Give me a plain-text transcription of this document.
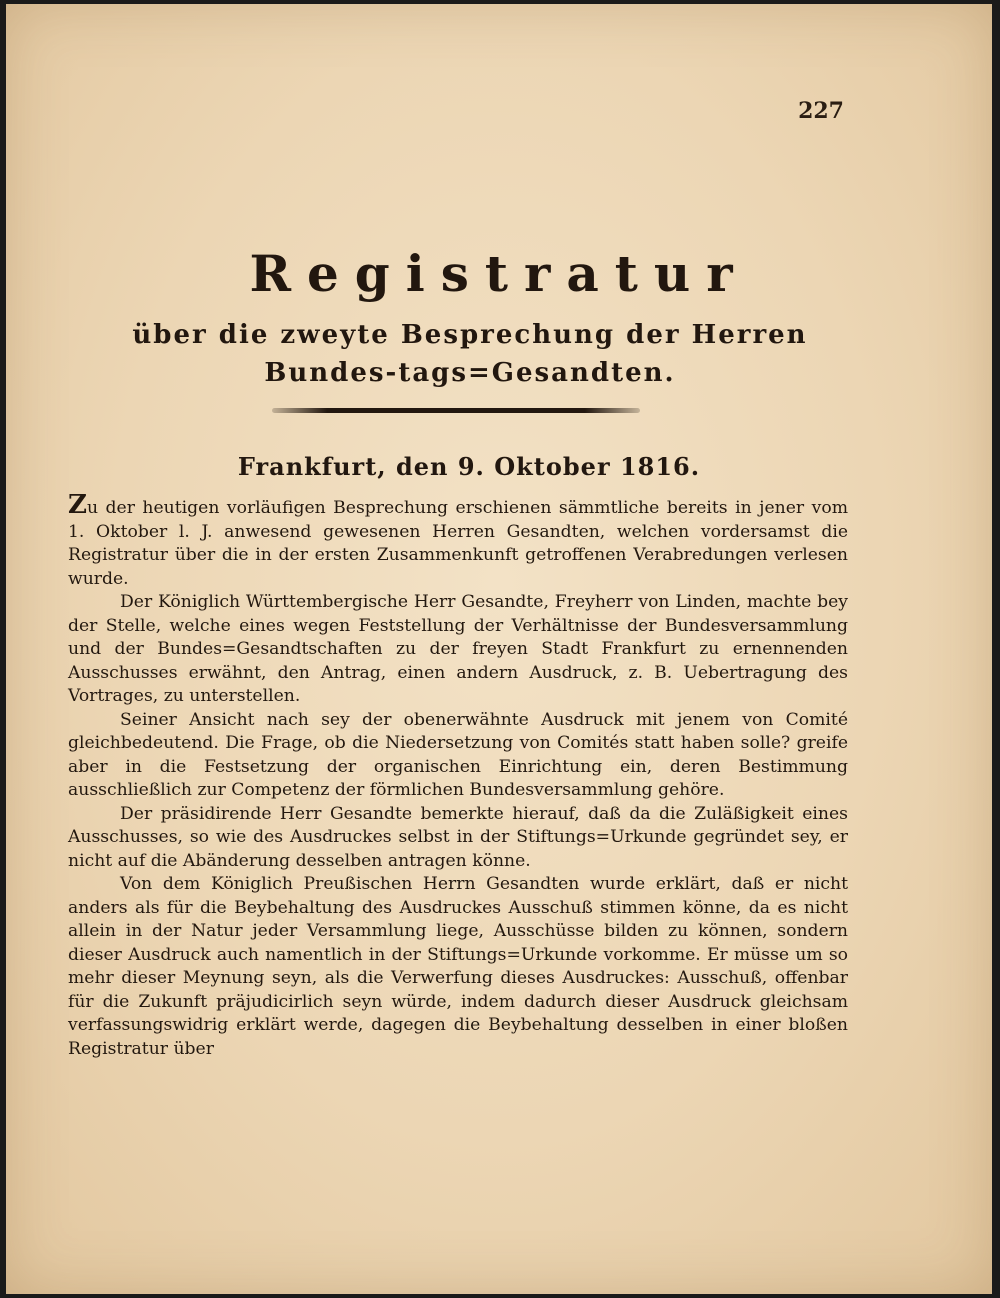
227
Registratur
über die zweyte Besprechung der Herren Bundes-tags=Gesandten.
Frankfurt, den 9. Oktober 1816.

Zu der heutigen vorläufigen Besprechung erschienen sämmtliche bereits in jener vom 1. Oktober l. J. anwesend gewesenen Herren Gesandten, welchen vordersamst die Registratur über die in der ersten Zusammenkunft getroffenen Verabredungen verlesen wurde.

Der Königlich Württembergische Herr Gesandte, Freyherr von Linden, machte bey der Stelle, welche eines wegen Feststellung der Verhältnisse der Bundesversammlung und der Bundes=Gesandtschaften zu der freyen Stadt Frankfurt zu ernennenden Ausschusses erwähnt, den Antrag, einen andern Ausdruck, z. B. Uebertragung des Vortrages, zu unterstellen.

Seiner Ansicht nach sey der obenerwähnte Ausdruck mit jenem von Comité gleichbedeutend. Die Frage, ob die Niedersetzung von Comités statt haben solle? greife aber in die Festsetzung der organischen Einrichtung ein, deren Bestimmung ausschließlich zur Competenz der förmlichen Bundesversammlung gehöre.

Der präsidirende Herr Gesandte bemerkte hierauf, daß da die Zuläßigkeit eines Ausschusses, so wie des Ausdruckes selbst in der Stiftungs=Urkunde gegründet sey, er nicht auf die Abänderung desselben antragen könne.

Von dem Königlich Preußischen Herrn Gesandten wurde erklärt, daß er nicht anders als für die Beybehaltung des Ausdruckes Ausschuß stimmen könne, da es nicht allein in der Natur jeder Versammlung liege, Ausschüsse bilden zu können, sondern dieser Ausdruck auch namentlich in der Stiftungs=Urkunde vorkomme. Er müsse um so mehr dieser Meynung seyn, als die Verwerfung dieses Ausdruckes: Ausschuß, offenbar für die Zukunft präjudicirlich seyn würde, indem dadurch dieser Ausdruck gleichsam verfassungswidrig erklärt werde, dagegen die Beybehaltung desselben in einer bloßen Registratur über
